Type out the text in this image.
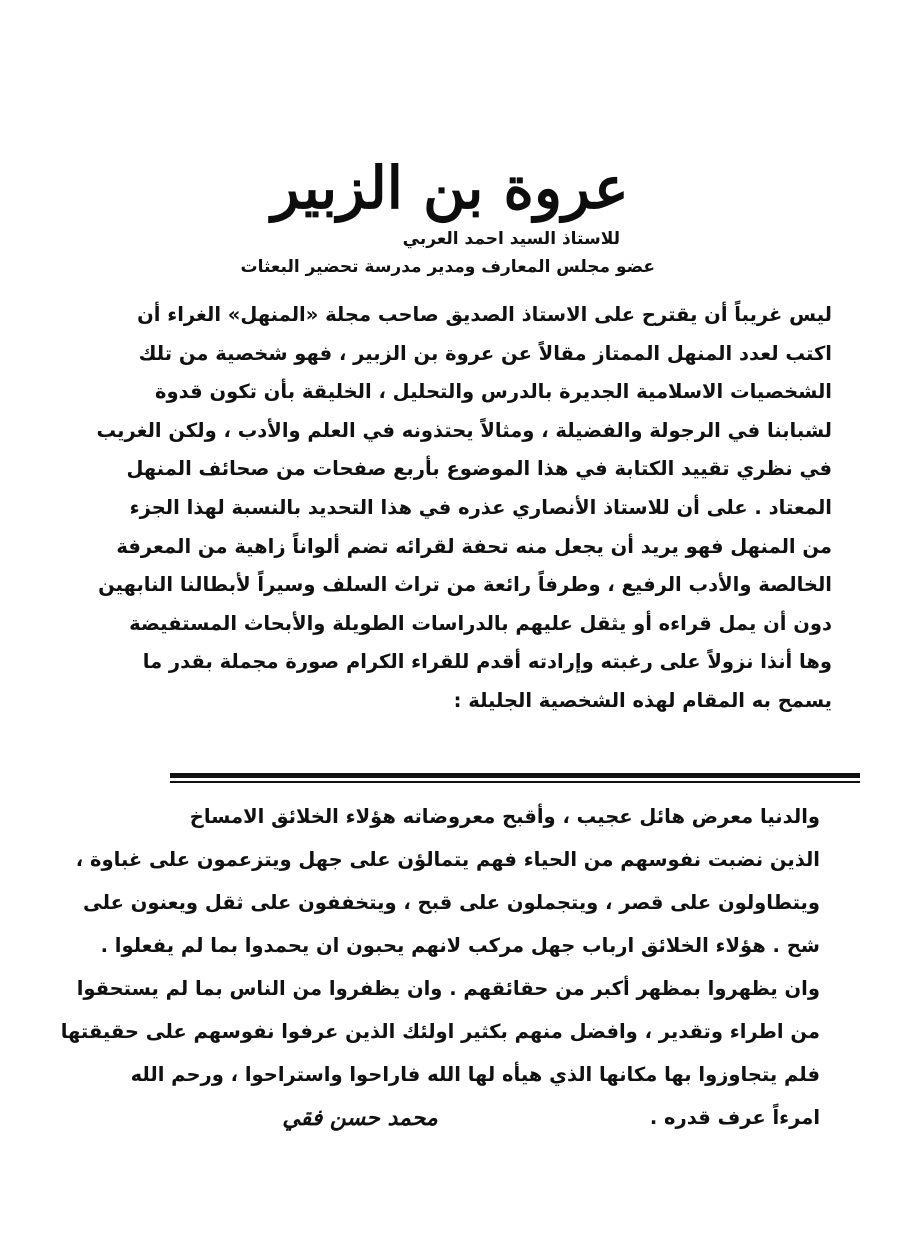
عروة بن الزبير
للاستاذ السيد احمد العربي
عضو مجلس المعارف ومدير مدرسة تحضير البعثات
ليس غريباً أن يقترح على الاستاذ الصديق صاحب مجلة «المنهل» الغراء أن
اكتب لعدد المنهل الممتاز مقالاً عن عروة بن الزبير ، فهو شخصية من تلك
الشخصيات الاسلامية الجديرة بالدرس والتحليل ، الخليقة بأن تكون قدوة
لشبابنا في الرجولة والفضيلة ، ومثالاً يحتذونه في العلم والأدب ، ولكن الغريب
في نظري تقييد الكتابة في هذا الموضوع بأربع صفحات من صحائف المنهل
المعتاد . على أن للاستاذ الأنصاري عذره في هذا التحديد بالنسبة لهذا الجزء
من المنهل فهو يريد أن يجعل منه تحفة لقرائه تضم ألواناً زاهية من المعرفة
الخالصة والأدب الرفيع ، وطرفاً رائعة من تراث السلف وسيراً لأبطالنا النابهين
دون أن يمل قراءه أو يثقل عليهم بالدراسات الطويلة والأبحاث المستفيضة
وها أنذا نزولاً على رغبته وإرادته أقدم للقراء الكرام صورة مجملة بقدر ما
يسمح به المقام لهذه الشخصية الجليلة :
والدنيا معرض هائل عجيب ، وأقبح معروضاته هؤلاء الخلائق الامساخ
الذين نضبت نفوسهم من الحياء فهم يتمالؤن على جهل ويتزعمون على غباوة ،
ويتطاولون على قصر ، ويتجملون على قبح ، ويتخففون على ثقل ويعنون على
شح . هؤلاء الخلائق ارباب جهل مركب لانهم يحبون ان يحمدوا بما لم يفعلوا .
وان يظهروا بمظهر أكبر من حقائقهم . وان يظفروا من الناس بما لم يستحقوا
من اطراء وتقدير ، وافضل منهم بكثير اولئك الذين عرفوا نفوسهم على حقيقتها
فلم يتجاوزوا بها مكانها الذي هيأه لها الله فاراحوا واستراحوا ، ورحم الله
امرءاً عرف قدره .
محمد حسن فقي
